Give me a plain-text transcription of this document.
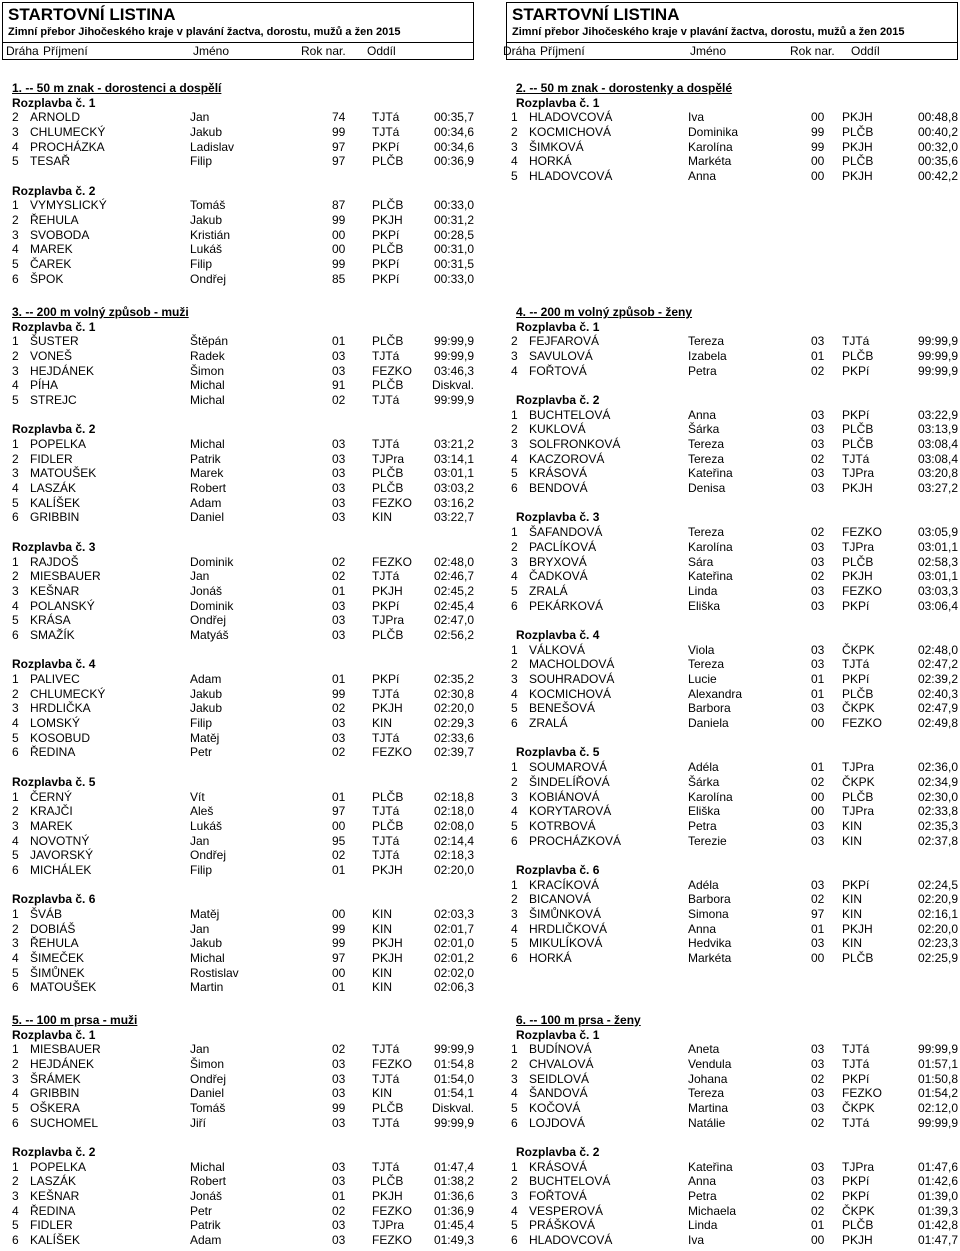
STARTOVNÍ LISTINA
Zimní přebor Jihočeského kraje v plavání žactva, dorostu, mužů a žen 2015
Dráha Příjmení	Jméno	Rok nar. Oddíl
1. -- 50 m znak - dorostenci a dospělí
Rozplavba č. 1
2 ARNOLD	Jan	74 TJTá	00:35,7
3 CHLUMECKÝ	Jakub	99 TJTá	00:34,6
4 PROCHÁZKA	Ladislav	97 PKPí	00:34,6
5 TESAŘ	Filip	97 PLČB	00:36,9
Rozplavba č. 2
1 VYMYSLICKÝ	Tomáš	87 PLČB	00:33,0
2 ŘEHULA	Jakub	99 PKJH	00:31,2
3 SVOBODA	Kristián	00 PKPí	00:28,5
4 MAREK	Lukáš	00 PLČB	00:31,0
5 ČAREK	Filip	99 PKPí	00:31,5
6 ŠPOK	Ondřej	85 PKPí	00:33,0
3. -- 200 m volný způsob - muži
Rozplavba č. 1
1 ŠUSTER	Štěpán	01 PLČB	99:99,9
2 VONEŠ	Radek	03 TJTá	99:99,9
3 HEJDÁNEK	Šimon	03 FEZKO 03:46,3
4 PÍHA	Michal	91 PLČB Diskval.
5 STREJC	Michal	02 TJTá	99:99,9
Rozplavba č. 2
1 POPELKA	Michal	03 TJTá	03:21,2
2 FIDLER	Patrik	03 TJPra 03:14,1
3 MATOUŠEK	Marek	03 PLČB	03:01,1
4 LASZÁK	Robert	03 PLČB	03:03,2
5 KALÍŠEK	Adam	03 FEZKO 03:16,2
6 GRIBBIN	Daniel	03 KIN	03:22,7
Rozplavba č. 3
1 RAJDOŠ	Dominik	02 FEZKO 02:48,0
2 MIESBAUER	Jan	02 TJTá	02:46,7
3 KEŠNAR	Jonáš	01 PKJH	02:45,2
4 POLANSKÝ	Dominik	03 PKPí	02:45,4
5 KRÁSA	Ondřej	03 TJPra 02:47,0
6 SMAŽÍK	Matyáš	03 PLČB	02:56,2
Rozplavba č. 4
1 PALIVEC	Adam	01 PKPí	02:35,2
2 CHLUMECKÝ	Jakub	99 TJTá	02:30,8
3 HRDLIČKA	Jakub	02 PKJH	02:20,0
4 LOMSKÝ	Filip	03 KIN	02:29,3
5 KOSOBUD	Matěj	03 TJTá	02:33,6
6 ŘEDINA	Petr	02 FEZKO 02:39,7
Rozplavba č. 5
1 ČERNÝ	Vít	01 PLČB	02:18,8
2 KRAJČI	Aleš	97 TJTá	02:18,0
3 MAREK	Lukáš	00 PLČB	02:08,0
4 NOVOTNÝ	Jan	95 TJTá	02:14,4
5 JAVORSKÝ	Ondřej	02 TJTá	02:18,3
6 MICHÁLEK	Filip	01 PKJH	02:20,0
Rozplavba č. 6
1 ŠVÁB	Matěj	00 KIN	02:03,3
2 DOBIÁŠ	Jan	99 KIN	02:01,7
3 ŘEHULA	Jakub	99 PKJH	02:01,0
4 ŠIMEČEK	Michal	97 PKJH	02:01,2
5 ŠIMŮNEK	Rostislav	00 KIN	02:02,0
6 MATOUŠEK	Martin	01 KIN	02:06,3
5. -- 100 m prsa - muži
Rozplavba č. 1
1 MIESBAUER	Jan	02 TJTá	99:99,9
2 HEJDÁNEK	Šimon	03 FEZKO 01:54,8
3 ŠRÁMEK	Ondřej	03 TJTá	01:54,0
4 GRIBBIN	Daniel	03 KIN	01:54,1
5 OŠKERA	Tomáš	99 PLČB Diskval.
6 SUCHOMEL	Jiří	03 TJTá	99:99,9
Rozplavba č. 2
1 POPELKA	Michal	03 TJTá	01:47,4
2 LASZÁK	Robert	03 PLČB	01:38,2
3 KEŠNAR	Jonáš	01 PKJH	01:36,6
4 ŘEDINA	Petr	02 FEZKO 01:36,9
5 FIDLER	Patrik	03 TJPra 01:45,4
6 KALÍŠEK	Adam	03 FEZKO 01:49,3
STARTOVNÍ LISTINA
Zimní přebor Jihočeského kraje v plavání žactva, dorostu, mužů a žen 2015
Dráha Příjmení	Jméno	Rok nar. Oddíl
2. -- 50 m znak - dorostenky a dospělé
Rozplavba č. 1
1 HLADOVCOVÁ	Iva	00 PKJH	00:48,8
2 KOCMICHOVÁ	Dominika	99 PLČB	00:40,2
3 ŠIMKOVÁ	Karolína	99 PKJH	00:32,0
4 HORKÁ	Markéta	00 PLČB	00:35,6
5 HLADOVCOVÁ	Anna	00 PKJH	00:42,2
4. -- 200 m volný způsob - ženy
Rozplavba č. 1
2 FEJFAROVÁ	Tereza	03 TJTá	99:99,9
3 SAVULOVÁ	Izabela	01 PLČB	99:99,9
4 FOŘTOVÁ	Petra	02 PKPí	99:99,9
Rozplavba č. 2
1 BUCHTELOVÁ	Anna	03 PKPí	03:22,9
2 KUKLOVÁ	Šárka	03 PLČB	03:13,9
3 SOLFRONKOVÁ	Tereza	03 PLČB	03:08,4
4 KACZOROVÁ	Tereza	02 TJTá	03:08,4
5 KRÁSOVÁ	Kateřina	03 TJPra	03:20,8
6 BENDOVÁ	Denisa	03 PKJH	03:27,2
Rozplavba č. 3
1 ŠAFANDOVÁ	Tereza	02 FEZKO	03:05,9
2 PACLÍKOVÁ	Karolína	03 TJPra	03:01,1
3 BRYXOVÁ	Sára	03 PLČB	02:58,3
4 ČADKOVÁ	Kateřina	02 PKJH	03:01,1
5 ZRALÁ	Linda	03 FEZKO	03:03,3
6 PEKÁRKOVÁ	Eliška	03 PKPí	03:06,4
Rozplavba č. 4
1 VÁLKOVÁ	Viola	03 ČKPK	02:48,0
2 MACHOLDOVÁ	Tereza	03 TJTá	02:47,2
3 SOUHRADOVÁ	Lucie	01 PKPí	02:39,2
4 KOCMICHOVÁ	Alexandra	01 PLČB	02:40,3
5 BENEŠOVÁ	Barbora	03 ČKPK	02:47,9
6 ZRALÁ	Daniela	00 FEZKO	02:49,8
Rozplavba č. 5
1 SOUMAROVÁ	Adéla	01 TJPra	02:36,0
2 ŠINDELÍŘOVÁ	Šárka	02 ČKPK	02:34,9
3 KOBIÁNOVÁ	Karolína	00 PLČB	02:30,0
4 KORYTAROVÁ	Eliška	00 TJPra	02:33,8
5 KOTRBOVÁ	Petra	03 KIN	02:35,3
6 PROCHÁZKOVÁ	Terezie	03 KIN	02:37,8
Rozplavba č. 6
1 KRACÍKOVÁ	Adéla	03 PKPí	02:24,5
2 BICANOVÁ	Barbora	02 KIN	02:20,9
3 ŠIMŮNKOVÁ	Simona	97 KIN	02:16,1
4 HRDLIČKOVÁ	Anna	01 PKJH	02:20,0
5 MIKULÍKOVÁ	Hedvika	03 KIN	02:23,3
6 HORKÁ	Markéta	00 PLČB	02:25,9
6. -- 100 m prsa - ženy
Rozplavba č. 1
1 BUDÍNOVÁ	Aneta	03 TJTá	99:99,9
2 CHVALOVÁ	Vendula	03 TJTá	01:57,1
3 SEIDLOVÁ	Johana	02 PKPí	01:50,8
4 ŠANDOVÁ	Tereza	03 FEZKO	01:54,2
5 KOČOVÁ	Martina	03 ČKPK	02:12,0
6 LOJDOVÁ	Natálie	02 TJTá	99:99,9
Rozplavba č. 2
1 KRÁSOVÁ	Kateřina	03 TJPra	01:47,6
2 BUCHTELOVÁ	Anna	03 PKPí	01:42,6
3 FOŘTOVÁ	Petra	02 PKPí	01:39,0
4 VESPEROVÁ	Michaela	02 ČKPK	01:39,3
5 PRÁŠKOVÁ	Linda	01 PLČB	01:42,8
6 HLADOVCOVÁ	Iva	00 PKJH	01:47,7
